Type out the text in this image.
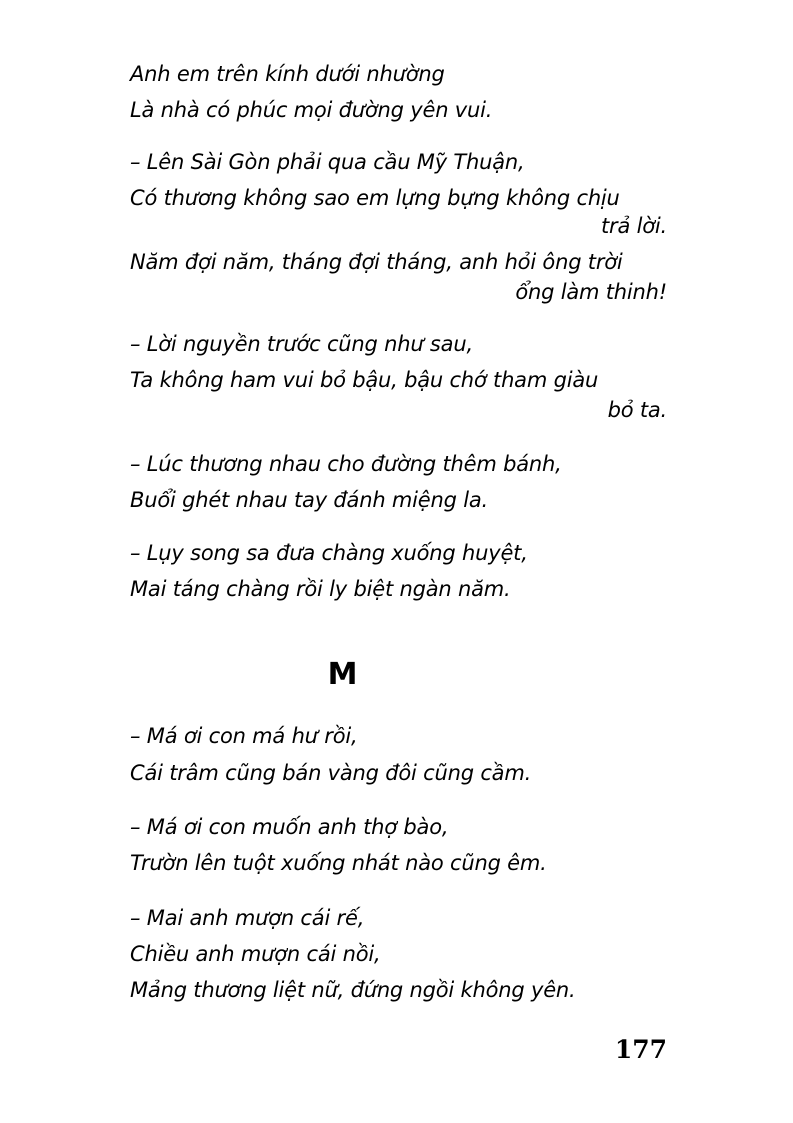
Anh em trên kính dưới nhường
Là nhà có phúc mọi đường yên vui.
– Lên Sài Gòn phải qua cầu Mỹ Thuận,
Có thương không sao em lựng bựng không chịu
trả lời.
Năm đợi năm, tháng đợi tháng, anh hỏi ông trời
ổng làm thinh!
– Lời nguyền trước cũng như sau,
Ta không ham vui bỏ bậu, bậu chớ tham giàu
bỏ ta.
– Lúc thương nhau cho đường thêm bánh,
Buổi ghét nhau tay đánh miệng la.
– Lụy song sa đưa chàng xuống huyệt,
Mai táng chàng rồi ly biệt ngàn năm.
M
– Má ơi con má hư rồi,
Cái trâm cũng bán vàng đôi cũng cầm.
– Má ơi con muốn anh thợ bào,
Trườn lên tuột xuống nhát nào cũng êm.
– Mai anh mượn cái rế,
Chiều anh mượn cái nồi,
Mảng thương liệt nữ, đứng ngồi không yên.
177
